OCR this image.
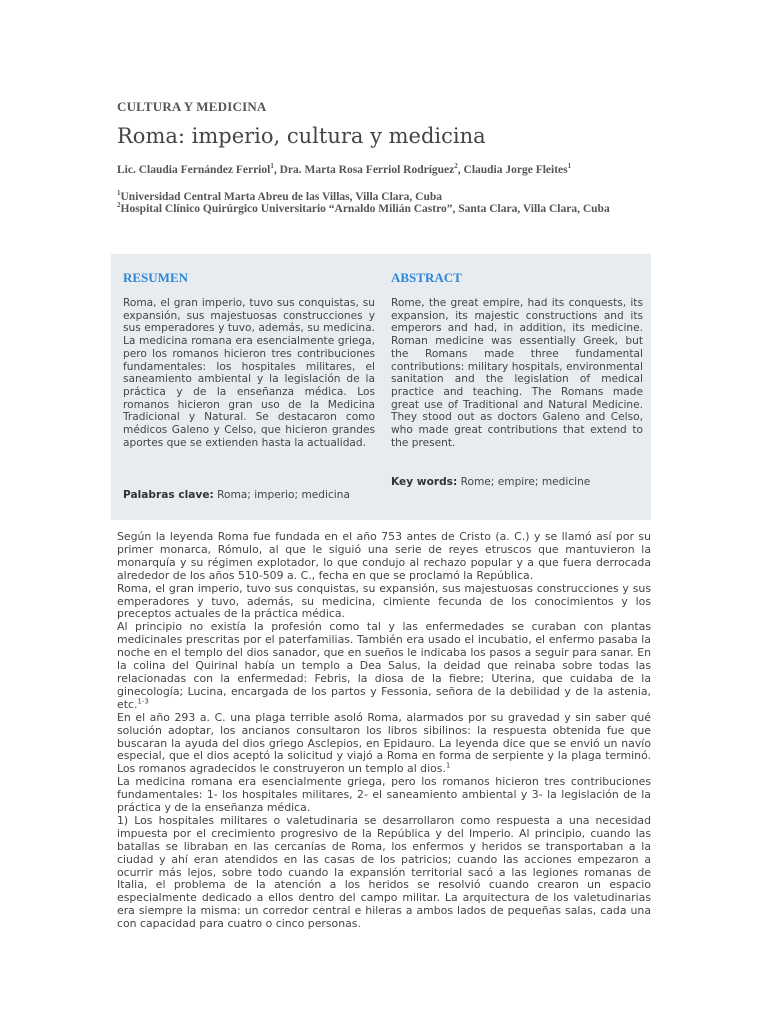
CULTURA Y MEDICINA
Roma: imperio, cultura y medicina
Lic. Claudia Fernández Ferriol$^1$, Dra. Marta Rosa Ferriol Rodríguez$^2$, Claudia Jorge Fleites$^1$
$^1$Universidad Central Marta Abreu de las Villas, Villa Clara, Cuba
$^2$Hospital Clínico Quirúrgico Universitario “Arnaldo Milián Castro”, Santa Clara, Villa Clara, Cuba
RESUMEN
Roma, el gran imperio, tuvo sus conquistas, su expansión, sus majestuosas construcciones y sus emperadores y tuvo, además, su medicina. La medicina romana era esencialmente griega, pero los romanos hicieron tres contribuciones fundamentales: los hospitales militares, el saneamiento ambiental y la legislación de la práctica y de la enseñanza médica. Los romanos hicieron gran uso de la Medicina Tradicional y Natural. Se destacaron como médicos Galeno y Celso, que hicieron grandes aportes que se extienden hasta la actualidad.
Palabras clave: Roma; imperio; medicina
ABSTRACT
Rome, the great empire, had its conquests, its expansion, its majestic constructions and its emperors and had, in addition, its medicine. Roman medicine was essentially Greek, but the Romans made three fundamental contributions: military hospitals, environmental sanitation and the legislation of medical practice and teaching. The Romans made great use of Traditional and Natural Medicine. They stood out as doctors Galeno and Celso, who made great contributions that extend to the present.
Key words: Rome; empire; medicine

Según la leyenda Roma fue fundada en el año 753 antes de Cristo (a. C.) y se llamó así por su primer monarca, Rómulo, al que le siguió una serie de reyes etruscos que mantuvieron la monarquía y su régimen explotador, lo que condujo al rechazo popular y a que fuera derrocada alrededor de los años 510-509 a. C., fecha en que se proclamó la República.

Roma, el gran imperio, tuvo sus conquistas, su expansión, sus majestuosas construcciones y sus emperadores y tuvo, además, su medicina, cimiente fecunda de los conocimientos y los preceptos actuales de la práctica médica.

Al principio no existía la profesión como tal y las enfermedades se curaban con plantas medicinales prescritas por el paterfamilias. También era usado el incubatio, el enfermo pasaba la noche en el templo del dios sanador, que en sueños le indicaba los pasos a seguir para sanar. En la colina del Quirinal había un templo a Dea Salus, la deidad que reinaba sobre todas las relacionadas con la enfermedad: Febris, la diosa de la fiebre; Uterina, que cuidaba de la ginecología; Lucina, encargada de los partos y Fessonia, señora de la debilidad y de la astenia, etc.$^{1-3}$

En el año 293 a. C. una plaga terrible asoló Roma, alarmados por su gravedad y sin saber qué solución adoptar, los ancianos consultaron los libros sibilinos: la respuesta obtenida fue que buscaran la ayuda del dios griego Asclepios, en Epidauro. La leyenda dice que se envió un navío especial, que el dios aceptó la solicitud y viajó a Roma en forma de serpiente y la plaga terminó. Los romanos agradecidos le construyeron un templo al dios.$^1$

La medicina romana era esencialmente griega, pero los romanos hicieron tres contribuciones fundamentales: 1- los hospitales militares, 2- el saneamiento ambiental y 3- la legislación de la práctica y de la enseñanza médica.

1) Los hospitales militares o valetudinaria se desarrollaron como respuesta a una necesidad impuesta por el crecimiento progresivo de la República y del Imperio. Al principio, cuando las batallas se libraban en las cercanías de Roma, los enfermos y heridos se transportaban a la ciudad y ahí eran atendidos en las casas de los patricios; cuando las acciones empezaron a ocurrir más lejos, sobre todo cuando la expansión territorial sacó a las legiones romanas de Italia, el problema de la atención a los heridos se resolvió cuando crearon un espacio especialmente dedicado a ellos dentro del campo militar. La arquitectura de los valetudinarias era siempre la misma: un corredor central e hileras a ambos lados de pequeñas salas, cada una con capacidad para cuatro o cinco personas.
